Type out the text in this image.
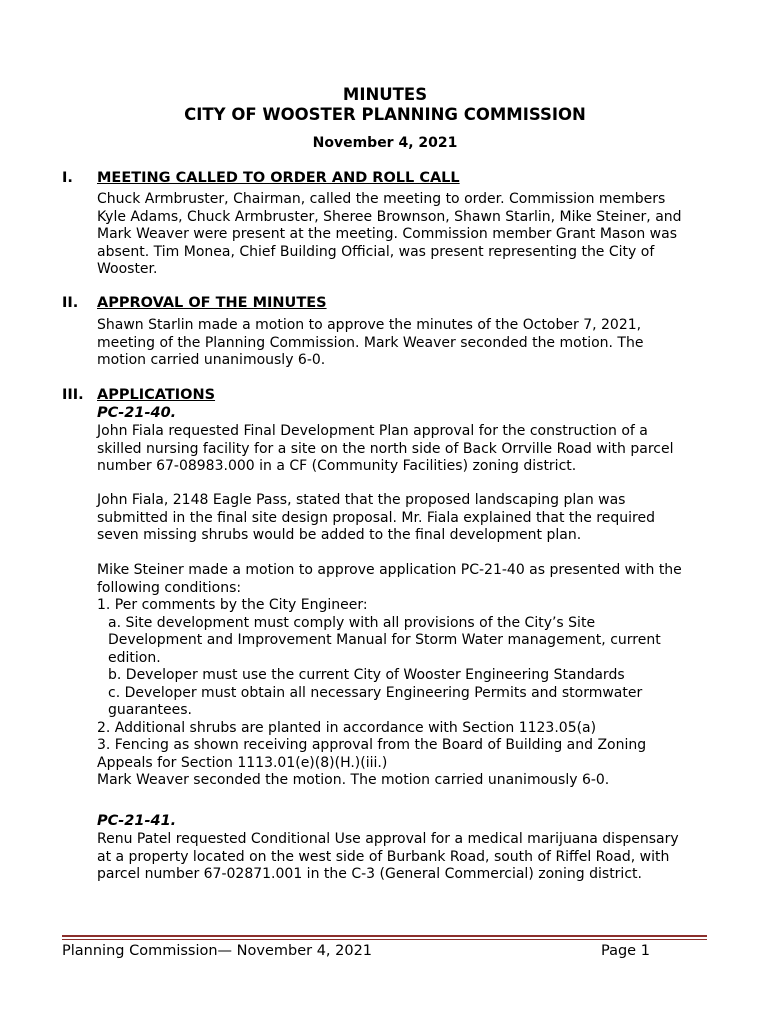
MINUTES
CITY OF WOOSTER PLANNING COMMISSION
November 4, 2021
I. MEETING CALLED TO ORDER AND ROLL CALL
Chuck Armbruster, Chairman, called the meeting to order. Commission members
Kyle Adams, Chuck Armbruster, Sheree Brownson, Shawn Starlin, Mike Steiner, and
Mark Weaver were present at the meeting. Commission member Grant Mason was
absent. Tim Monea, Chief Building Official, was present representing the City of
Wooster.
II. APPROVAL OF THE MINUTES
Shawn Starlin made a motion to approve the minutes of the October 7, 2021,
meeting of the Planning Commission. Mark Weaver seconded the motion. The
motion carried unanimously 6-0.
III. APPLICATIONS
PC-21-40.
John Fiala requested Final Development Plan approval for the construction of a
skilled nursing facility for a site on the north side of Back Orrville Road with parcel
number 67-08983.000 in a CF (Community Facilities) zoning district.
John Fiala, 2148 Eagle Pass, stated that the proposed landscaping plan was
submitted in the final site design proposal. Mr. Fiala explained that the required
seven missing shrubs would be added to the final development plan.
Mike Steiner made a motion to approve application PC-21-40 as presented with the
following conditions:
1. Per comments by the City Engineer:
a. Site development must comply with all provisions of the City’s Site
Development and Improvement Manual for Storm Water management, current
edition.
b. Developer must use the current City of Wooster Engineering Standards
c. Developer must obtain all necessary Engineering Permits and stormwater
guarantees.
2. Additional shrubs are planted in accordance with Section 1123.05(a)
3. Fencing as shown receiving approval from the Board of Building and Zoning
Appeals for Section 1113.01(e)(8)(H.)(iii.)
Mark Weaver seconded the motion. The motion carried unanimously 6-0.
PC-21-41.
Renu Patel requested Conditional Use approval for a medical marijuana dispensary
at a property located on the west side of Burbank Road, south of Riffel Road, with
parcel number 67-02871.001 in the C-3 (General Commercial) zoning district.
Planning Commission— November 4, 2021	Page 1
